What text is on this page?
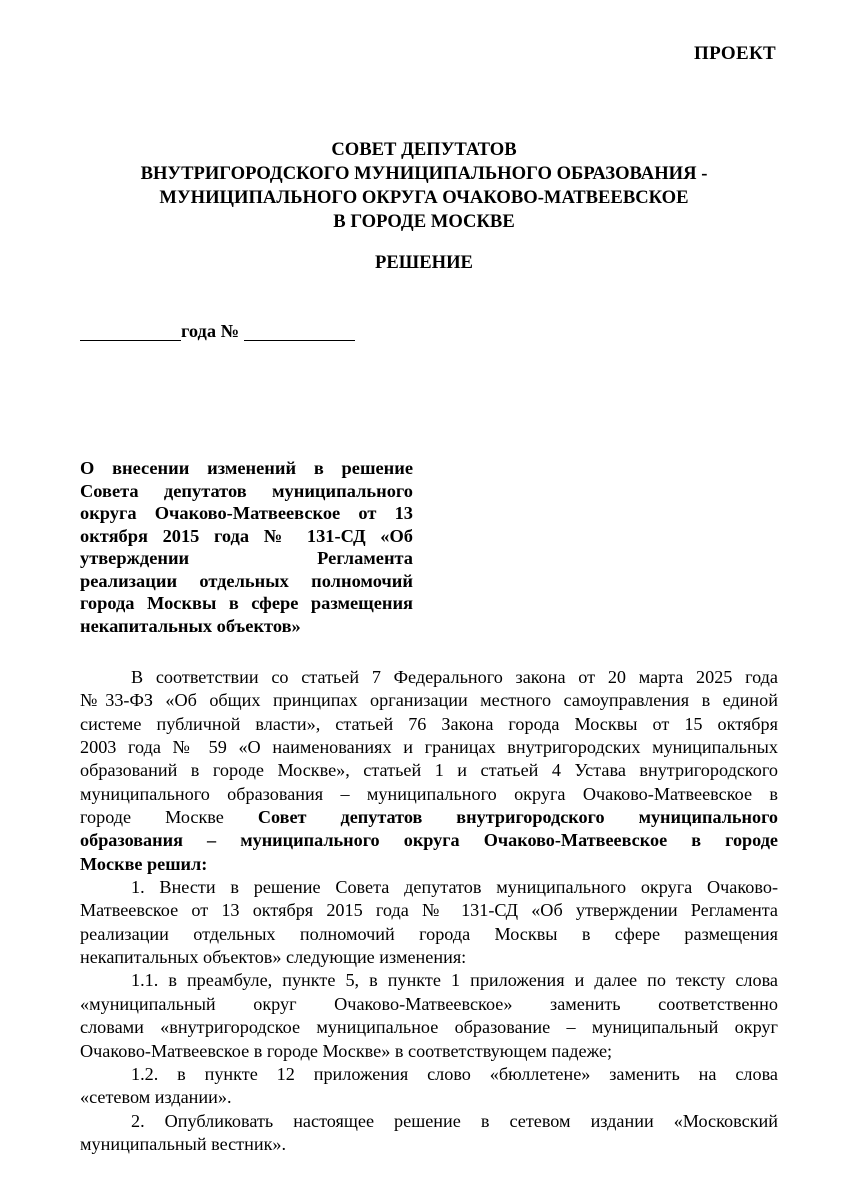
ПРОЕКТ
СОВЕТ ДЕПУТАТОВ
ВНУТРИГОРОДСКОГО МУНИЦИПАЛЬНОГО ОБРАЗОВАНИЯ -
МУНИЦИПАЛЬНОГО ОКРУГА ОЧАКОВО-МАТВЕЕВСКОЕ
В ГОРОДЕ МОСКВЕ
РЕШЕНИЕ
года №
О внесении изменений в решение
Совета депутатов муниципального
округа Очаково-Матвеевское от 13
октября 2015 года № 131-СД «Об
утверждении Регламента
реализации отдельных полномочий
города Москвы в сфере размещения
некапитальных объектов»
В соответствии со статьей 7 Федерального закона от 20 марта 2025 года
№33-ФЗ «Об общих принципах организации местного самоуправления в единой
системе публичной власти», статьей 76 Закона города Москвы от 15 октября
2003 года № 59 «О наименованиях и границах внутригородских муниципальных
образований в городе Москве», статьей 1 и статьей 4 Устава внутригородского
муниципального образования – муниципального округа Очаково-Матвеевское в
городе Москве Совет депутатов внутригородского муниципального
образования – муниципального округа Очаково-Матвеевское в городе
Москве решил:
1. Внести в решение Совета депутатов муниципального округа Очаково-
Матвеевское от 13 октября 2015 года № 131-СД «Об утверждении Регламента
реализации отдельных полномочий города Москвы в сфере размещения
некапитальных объектов» следующие изменения:
1.1. в преамбуле, пункте 5, в пункте 1 приложения и далее по тексту слова
«муниципальный округ Очаково-Матвеевское» заменить соответственно
словами «внутригородское муниципальное образование – муниципальный округ
Очаково-Матвеевское в городе Москве» в соответствующем падеже;
1.2. в пункте 12 приложения слово «бюллетене» заменить на слова
«сетевом издании».
2. Опубликовать настоящее решение в сетевом издании «Московский
муниципальный вестник».
